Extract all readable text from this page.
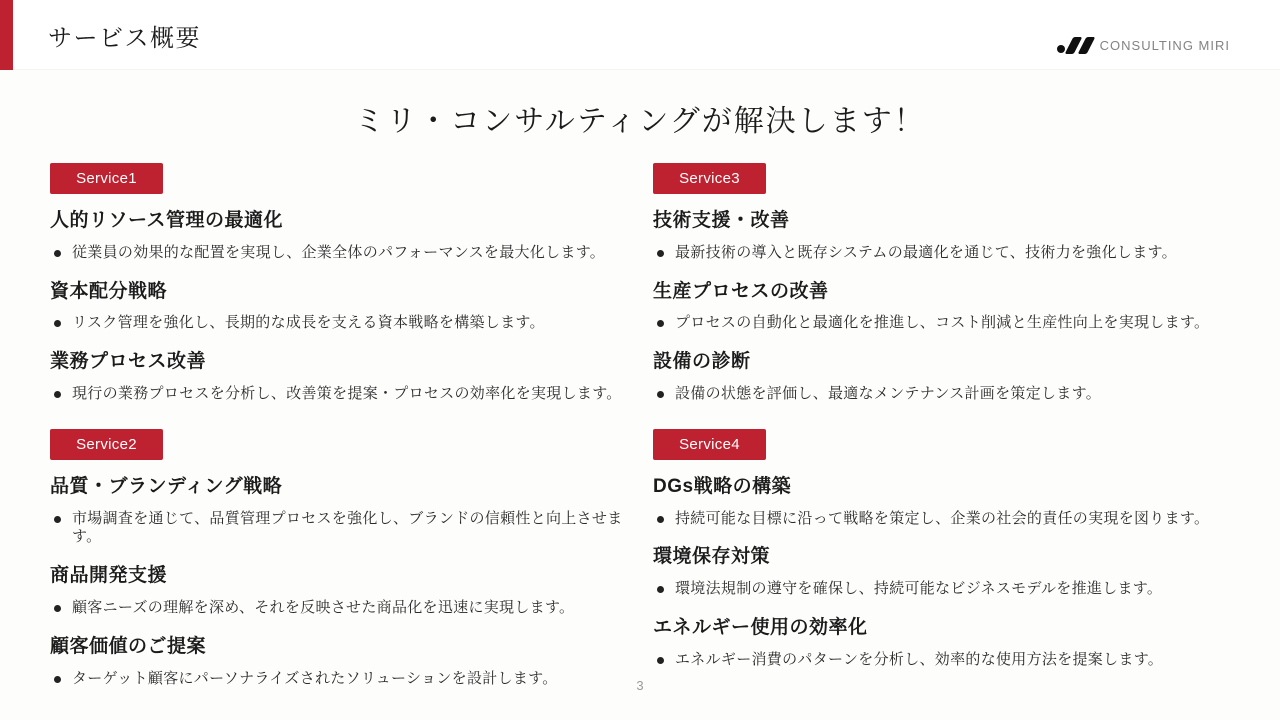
サービス概要	CONSULTING MIRI
ミリ・コンサルティングが解決します！
Service1
人的リソース管理の最適化
従業員の効果的な配置を実現し、企業全体のパフォーマンスを最大化します。
資本配分戦略
リスク管理を強化し、長期的な成長を支える資本戦略を構築します。
業務プロセス改善
現行の業務プロセスを分析し、改善策を提案・プロセスの効率化を実現します。
Service2
品質・ブランディング戦略
市場調査を通じて、品質管理プロセスを強化し、ブランドの信頼性と向上させます。
商品開発支援
顧客ニーズの理解を深め、それを反映させた商品化を迅速に実現します。
顧客価値のご提案
ターゲット顧客にパーソナライズされたソリューションを設計します。
Service3
技術支援・改善
最新技術の導入と既存システムの最適化を通じて、技術力を強化します。
生産プロセスの改善
プロセスの自動化と最適化を推進し、コスト削減と生産性向上を実現します。
設備の診断
設備の状態を評価し、最適なメンテナンス計画を策定します。
Service4
DGs戦略の構築
持続可能な目標に沿って戦略を策定し、企業の社会的責任の実現を図ります。
環境保存対策
環境法規制の遵守を確保し、持続可能なビジネスモデルを推進します。
エネルギー使用の効率化
エネルギー消費のパターンを分析し、効率的な使用方法を提案します。
3
